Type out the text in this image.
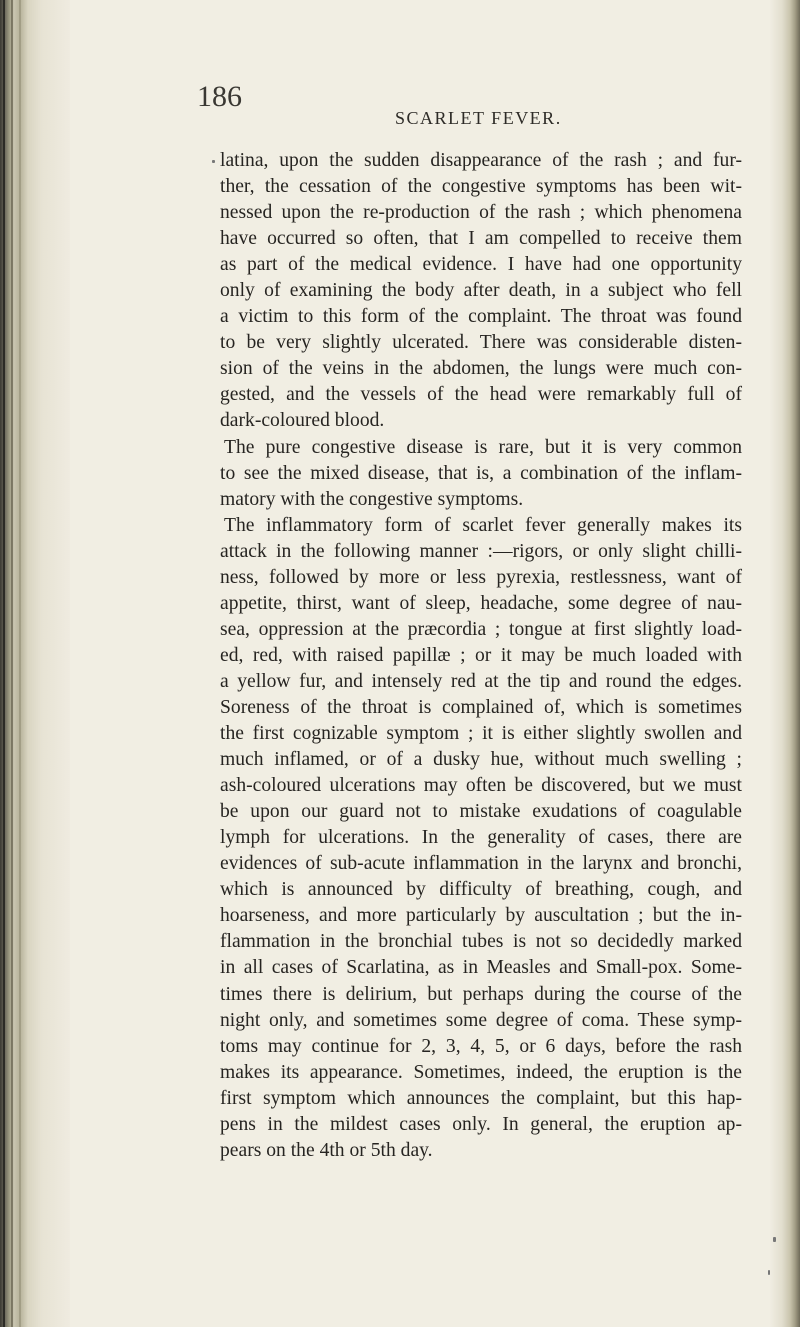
186
SCARLET FEVER.
latina, upon the sudden disappearance of the rash ; and fur-
ther, the cessation of the congestive symptoms has been wit-
nessed upon the re-production of the rash ; which phenomena
have occurred so often, that I am compelled to receive them
as part of the medical evidence. I have had one opportunity
only of examining the body after death, in a subject who fell
a victim to this form of the complaint. The throat was found
to be very slightly ulcerated. There was considerable disten-
sion of the veins in the abdomen, the lungs were much con-
gested, and the vessels of the head were remarkably full of
dark-coloured blood.
The pure congestive disease is rare, but it is very common
to see the mixed disease, that is, a combination of the inflam-
matory with the congestive symptoms.
The inflammatory form of scarlet fever generally makes its
attack in the following manner :—rigors, or only slight chilli-
ness, followed by more or less pyrexia, restlessness, want of
appetite, thirst, want of sleep, headache, some degree of nau-
sea, oppression at the præcordia ; tongue at first slightly load-
ed, red, with raised papillæ ; or it may be much loaded with
a yellow fur, and intensely red at the tip and round the edges.
Soreness of the throat is complained of, which is sometimes
the first cognizable symptom ; it is either slightly swollen and
much inflamed, or of a dusky hue, without much swelling ;
ash-coloured ulcerations may often be discovered, but we must
be upon our guard not to mistake exudations of coagulable
lymph for ulcerations. In the generality of cases, there are
evidences of sub-acute inflammation in the larynx and bronchi,
which is announced by difficulty of breathing, cough, and
hoarseness, and more particularly by auscultation ; but the in-
flammation in the bronchial tubes is not so decidedly marked
in all cases of Scarlatina, as in Measles and Small-pox. Some-
times there is delirium, but perhaps during the course of the
night only, and sometimes some degree of coma. These symp-
toms may continue for 2, 3, 4, 5, or 6 days, before the rash
makes its appearance. Sometimes, indeed, the eruption is the
first symptom which announces the complaint, but this hap-
pens in the mildest cases only. In general, the eruption ap-
pears on the 4th or 5th day.
